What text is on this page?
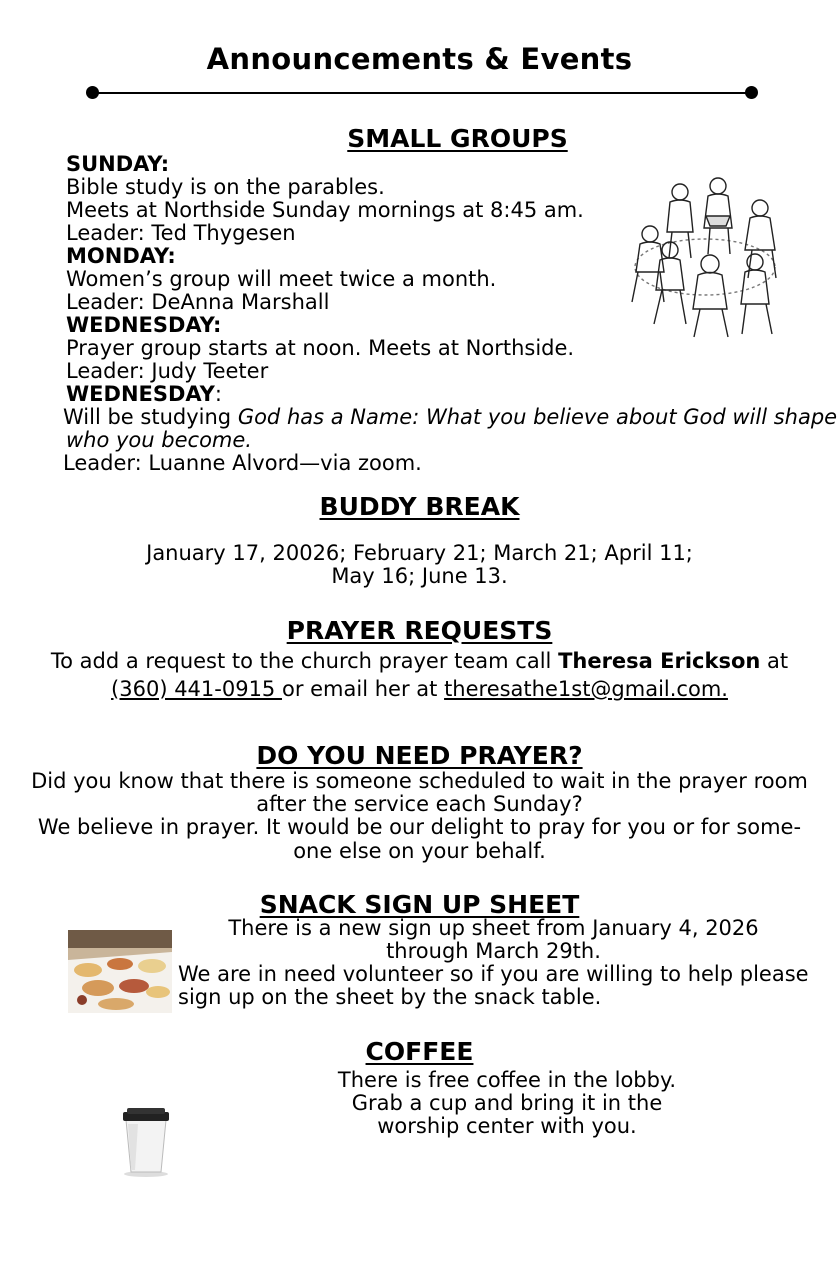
Announcements & Events
SMALL GROUPS
SUNDAY:
Bible study is on the parables.
Meets at Northside Sunday mornings at 8:45 am.
Leader: Ted Thygesen
MONDAY:
Women’s group will meet twice a month.
Leader: DeAnna Marshall
WEDNESDAY:
Prayer group starts at noon. Meets at Northside.
Leader: Judy Teeter
WEDNESDAY:
Will be studying God has a Name: What you believe about God will shape
who you become.
Leader: Luanne Alvord—via zoom.
BUDDY BREAK
January 17, 20026; February 21; March 21; April 11;
May 16; June 13.
PRAYER REQUESTS
To add a request to the church prayer team call Theresa Erickson at
(360) 441-0915 or email her at theresathe1st@gmail.com.
DO YOU NEED PRAYER?
Did you know that there is someone scheduled to wait in the prayer room
after the service each Sunday?
We believe in prayer. It would be our delight to pray for you or for some-
one else on your behalf.
SNACK SIGN UP SHEET
There is a new sign up sheet from January 4, 2026
through March 29th.
We are in need volunteer so if you are willing to help please
sign up on the sheet by the snack table.
COFFEE
There is free coffee in the lobby.
Grab a cup and bring it in the
worship center with you.
